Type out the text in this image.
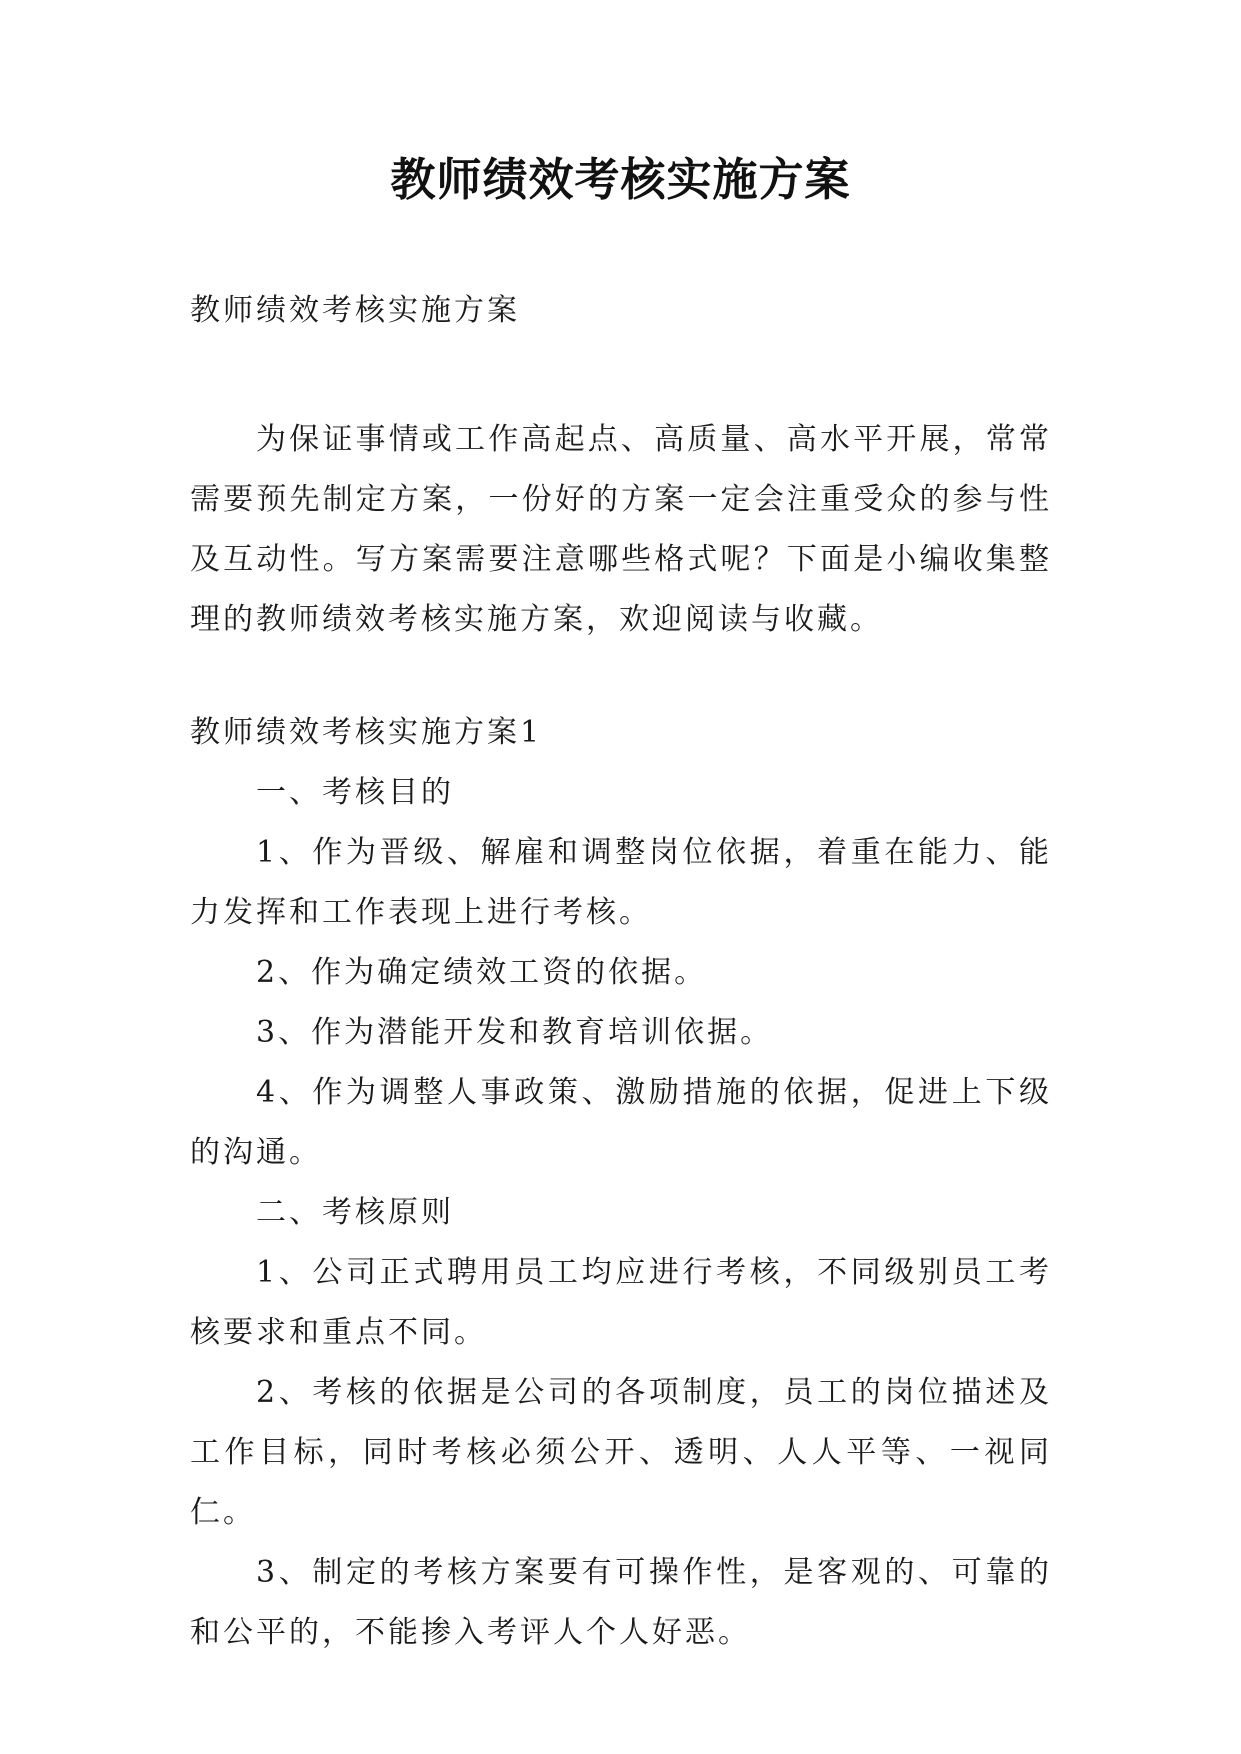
教师绩效考核实施方案
教师绩效考核实施方案

为保证事情或工作高起点、高质量、高水平开展，常常需要预先制定方案，一份好的方案一定会注重受众的参与性及互动性。写方案需要注意哪些格式呢？下面是小编收集整理的教师绩效考核实施方案，欢迎阅读与收藏。

教师绩效考核实施方案1

一、考核目的

1、作为晋级、解雇和调整岗位依据，着重在能力、能力发挥和工作表现上进行考核。

2、作为确定绩效工资的依据。

3、作为潜能开发和教育培训依据。

4、作为调整人事政策、激励措施的依据，促进上下级的沟通。

二、考核原则

1、公司正式聘用员工均应进行考核，不同级别员工考核要求和重点不同。

2、考核的依据是公司的各项制度，员工的岗位描述及工作目标，同时考核必须公开、透明、人人平等、一视同仁。

3、制定的考核方案要有可操作性，是客观的、可靠的和公平的，不能掺入考评人个人好恶。
